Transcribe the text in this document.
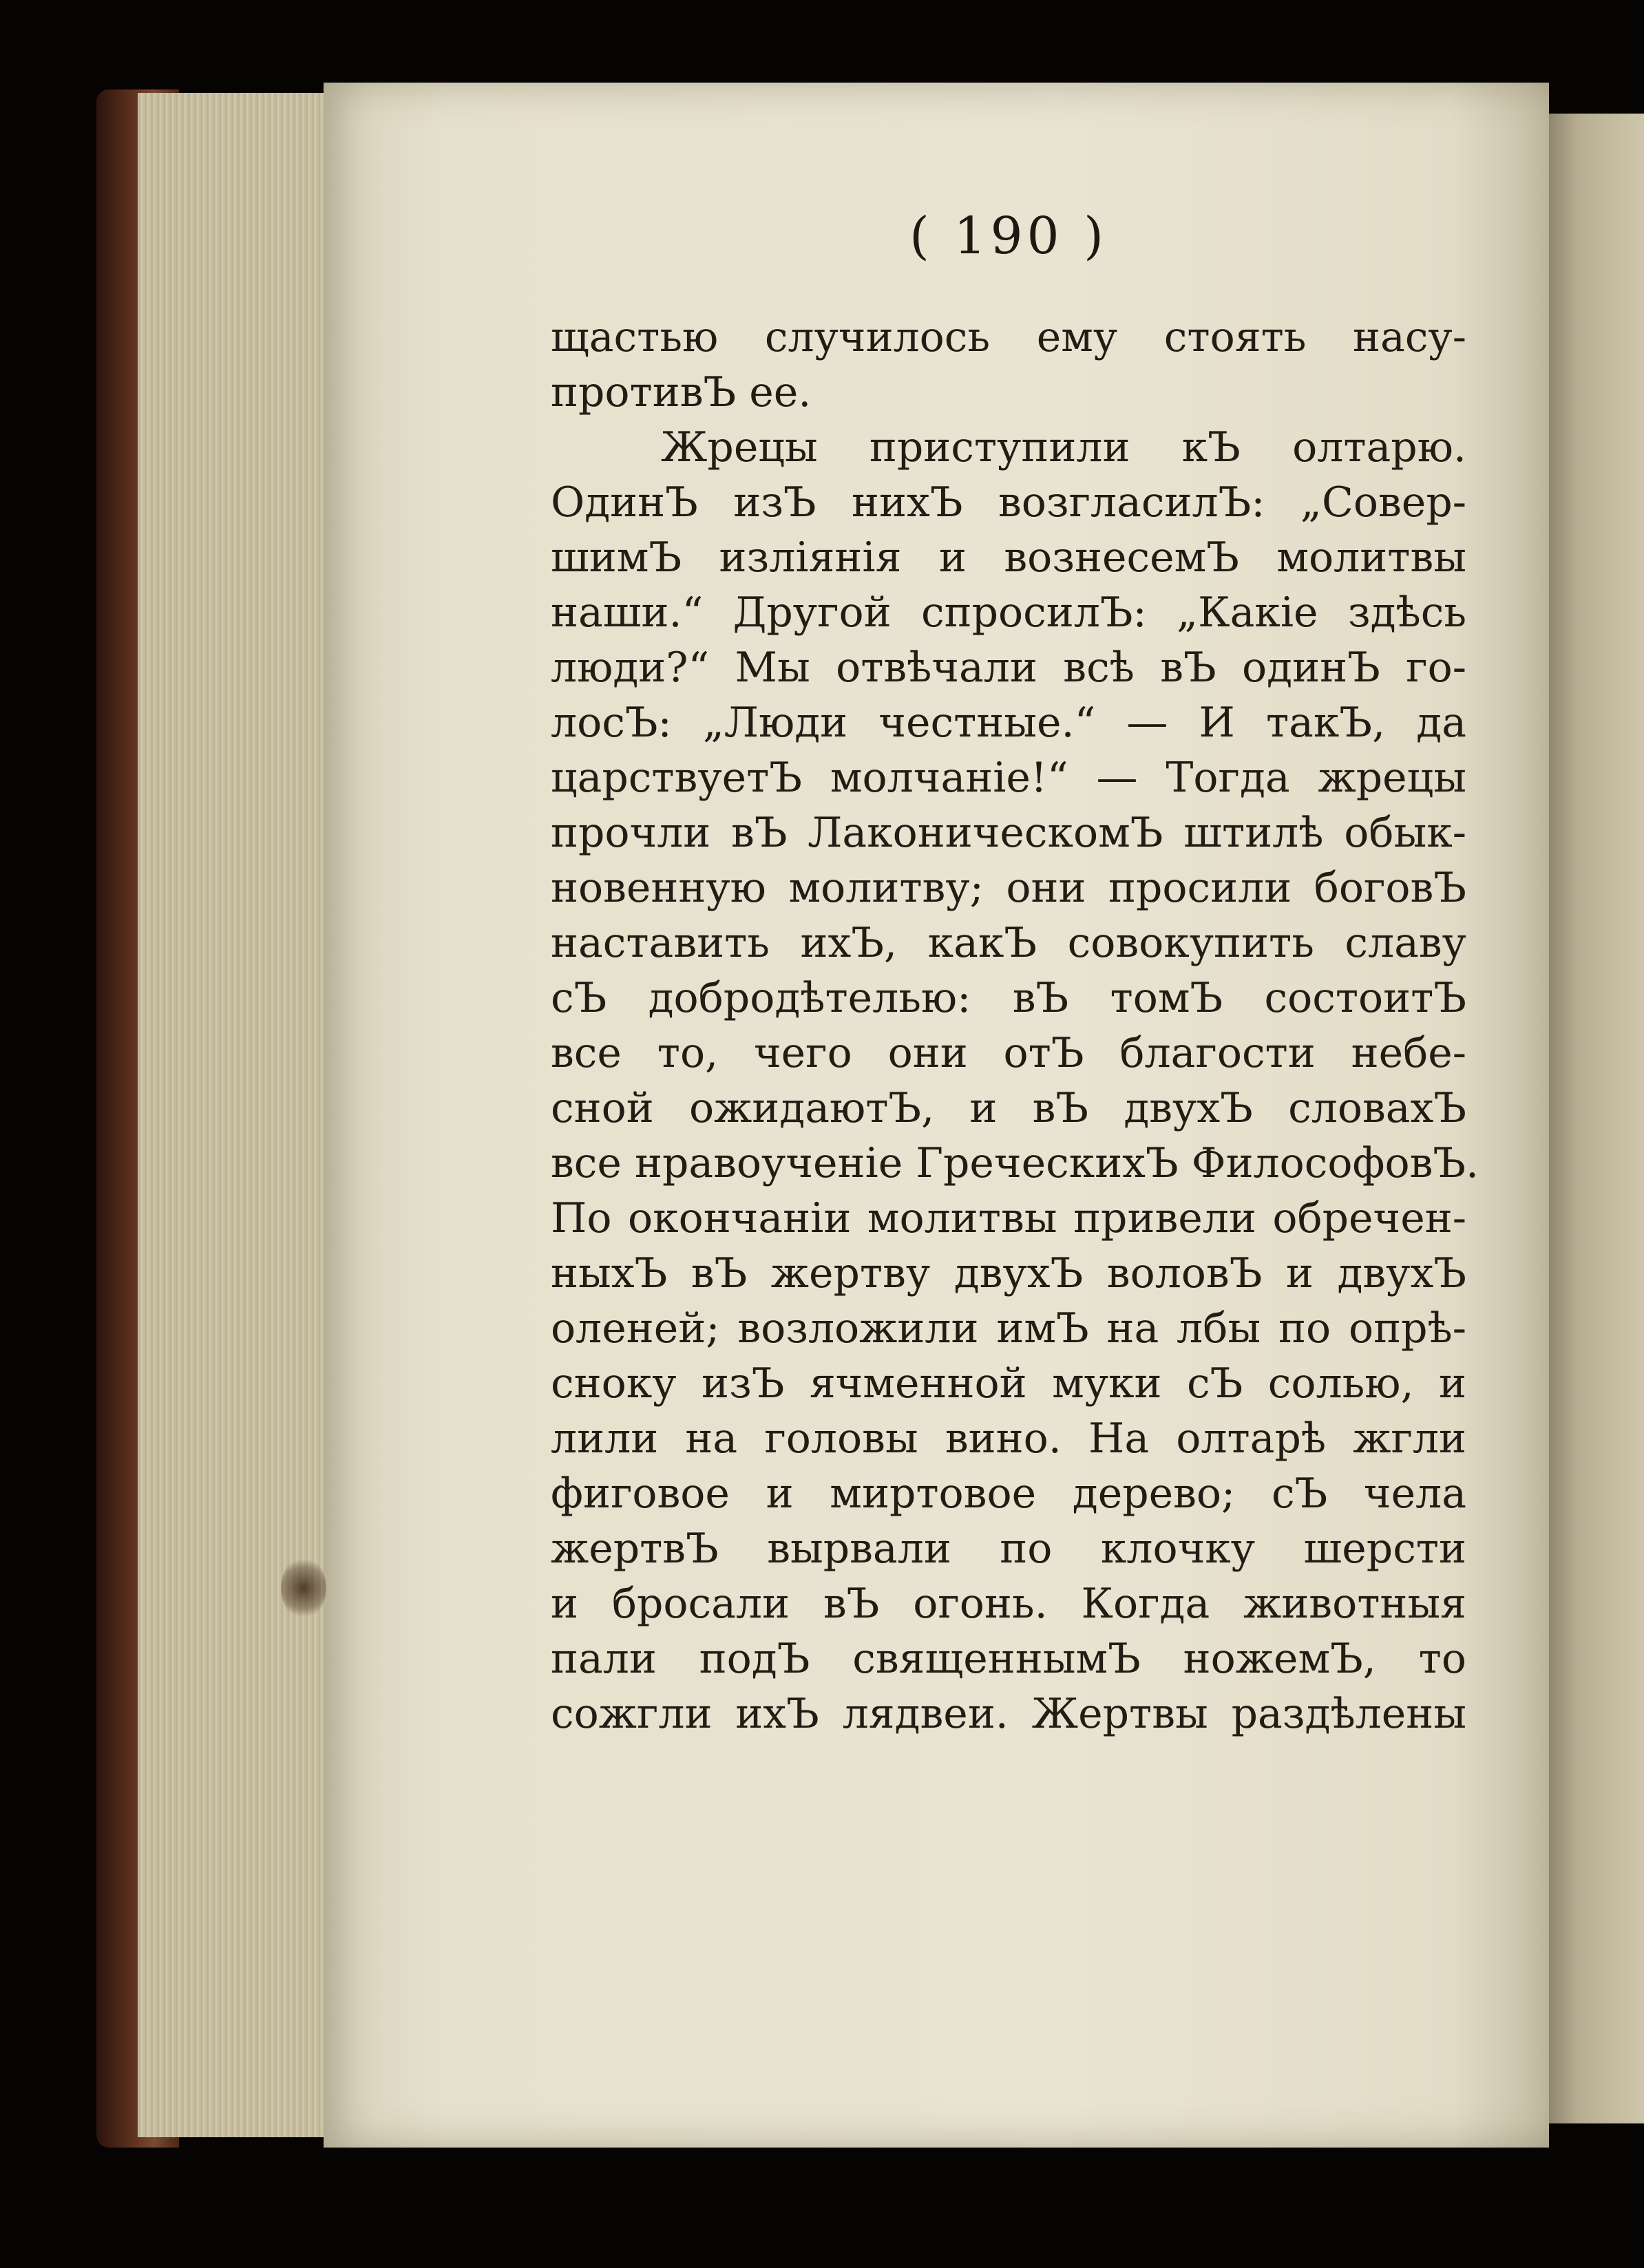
( 190 )
щастью случилось ему стоять насу-
противЪ ее.
Жрецы приступили кЪ олтарю.
ОдинЪ изЪ нихЪ возгласилЪ: „Совер-
шимЪ излiянiя и вознесемЪ молитвы
наши.“ Другой спросилЪ: „Какiе здѣсь
люди?“ Мы отвѣчали всѣ вЪ одинЪ го-
лосЪ: „Люди честные.“ — И такЪ, да
царствуетЪ молчанiе!“ — Тогда жрецы
прочли вЪ ЛаконическомЪ штилѣ обык-
новенную молитву; они просили боговЪ
наставить ихЪ, какЪ совокупить славу
сЪ добродѣтелью: вЪ томЪ состоитЪ
все то, чего они отЪ благости небе-
сной ожидаютЪ, и вЪ двухЪ словахЪ
все нравоученiе ГреческихЪ ФилософовЪ.
По окончанiи молитвы привели обречен-
ныхЪ вЪ жертву двухЪ воловЪ и двухЪ
оленей; возложили имЪ на лбы по опрѣ-
сноку изЪ ячменной муки сЪ солью, и
лили на головы вино. На олтарѣ жгли
фиговое и миртовое дерево; сЪ чела
жертвЪ вырвали по клочку шерсти
и бросали вЪ огонь. Когда животныя
пали подЪ священнымЪ ножемЪ, то
сожгли ихЪ лядвеи. Жертвы раздѣлены
